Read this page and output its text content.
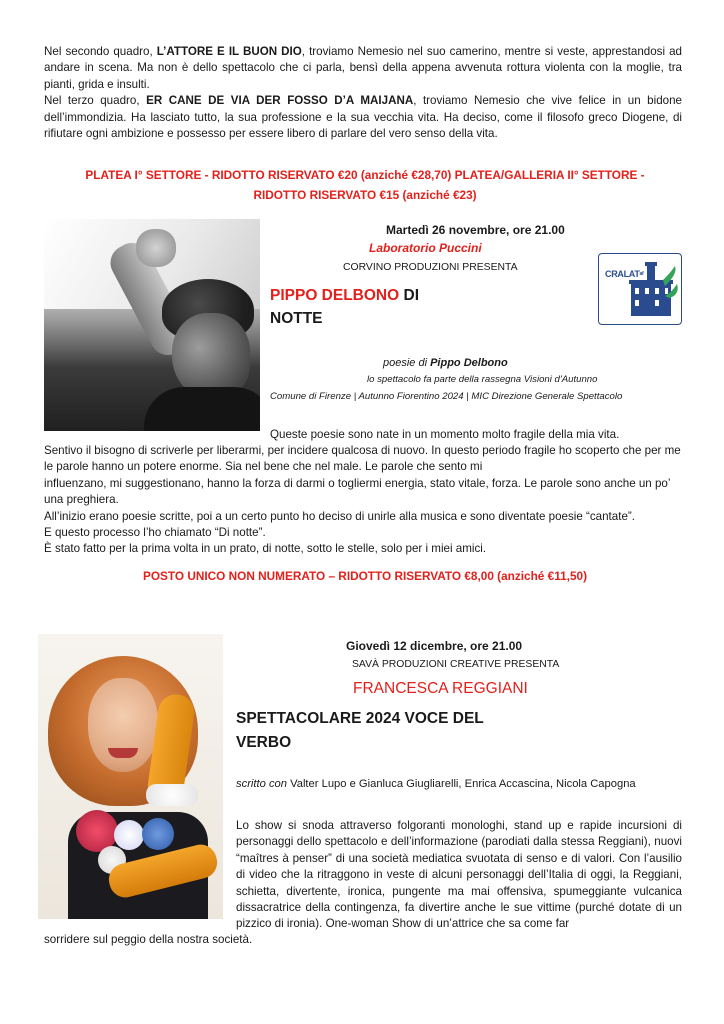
Nel secondo quadro, L’ATTORE E IL BUON DIO, troviamo Nemesio nel suo camerino, mentre si veste, apprestandosi ad andare in scena. Ma non è dello spettacolo che ci parla, bensì della appena avvenuta rottura violenta con la moglie, tra pianti, grida e insulti.

Nel terzo quadro, ER CANE DE VIA DER FOSSO D’A MAIJANA, troviamo Nemesio che vive felice in un bidone dell’immondizia. Ha lasciato tutto, la sua professione e la sua vecchia vita. Ha deciso, come il filosofo greco Diogene, di rifiutare ogni ambizione e possesso per essere libero di parlare del vero senso della vita.

PLATEA I° SETTORE - RIDOTTO RISERVATO €20 (anziché €28,70) PLATEA/GALLERIA II° SETTORE - RIDOTTO RISERVATO €15 (anziché €23)
Martedì 26 novembre, ore 21.00
Laboratorio Puccini
CORVINO PRODUZIONI PRESENTA
PIPPO DELBONO DI
NOTTE
$CRALAT^{af}$
poesie di Pippo Delbono
lo spettacolo fa parte della rassegna Visioni d'Autunno
Comune di Firenze | Autunno Fiorentino 2024 | MIC Direzione Generale Spettacolo
Queste poesie sono nate in un momento molto fragile della mia vita.

Sentivo il bisogno di scriverle per liberarmi, per incidere qualcosa di nuovo. In questo periodo fragile ho scoperto che per me le parole hanno un potere enorme. Sia nel bene che nel male. Le parole che sento mi

influenzano, mi suggestionano, hanno la forza di darmi o togliermi energia, stato vitale, forza. Le parole sono anche un po’ una preghiera.

All’inizio erano poesie scritte, poi a un certo punto ho deciso di unirle alla musica e sono diventate poesie “cantate”.

E questo processo l’ho chiamato “Di notte”.

È stato fatto per la prima volta in un prato, di notte, sotto le stelle, solo per i miei amici.

POSTO UNICO NON NUMERATO – RIDOTTO RISERVATO €8,00 (anziché €11,50)
Giovedì 12 dicembre, ore 21.00
SAVÀ PRODUZIONI CREATIVE PRESENTA
FRANCESCA REGGIANI
SPETTACOLARE 2024 VOCE DEL
VERBO
scritto con Valter Lupo e Gianluca Giugliarelli, Enrica Accascina, Nicola Capogna
Lo show si snoda attraverso folgoranti monologhi, stand up e rapide incursioni di personaggi dello spettacolo e dell’informazione (parodiati dalla stessa Reggiani), nuovi “maîtres à penser” di una società mediatica svuotata di senso e di valori. Con l’ausilio di video che la ritraggono in veste di alcuni personaggi dell’Italia di oggi, la Reggiani, schietta, divertente, ironica, pungente ma mai offensiva, spumeggiante vulcanica dissacratrice della contingenza, fa divertire anche le sue vittime (purché dotate di un pizzico di ironia). One-woman Show di un’attrice che sa come far
sorridere sul peggio della nostra società.
